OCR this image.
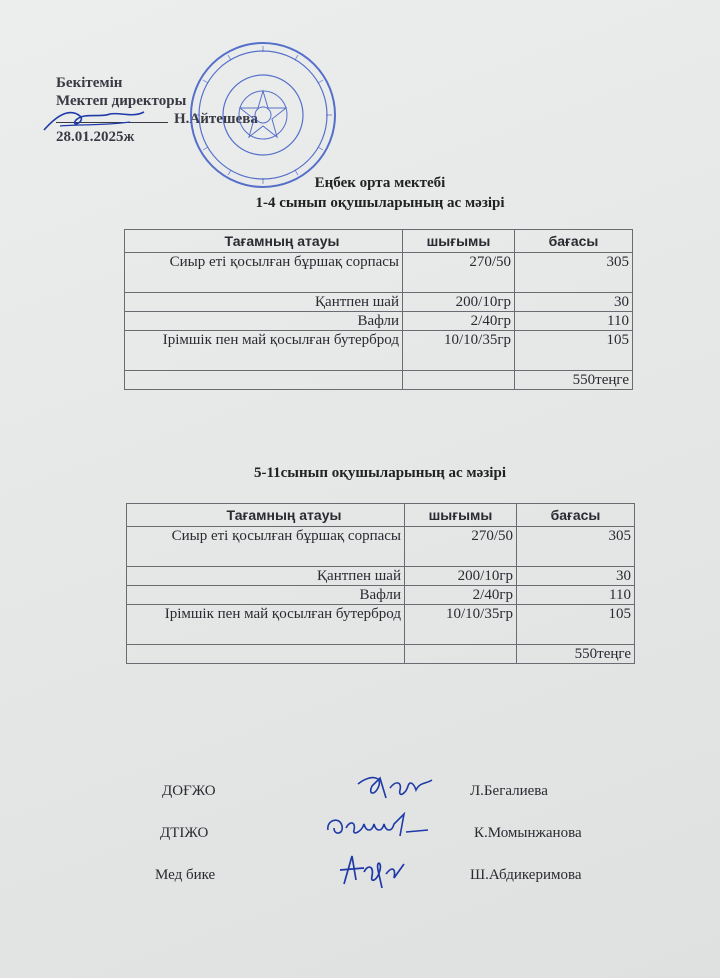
Бекітемін
Мектеп директоры
Н.Айтешева
28.01.2025ж
Еңбек орта мектебі
1-4 сынып оқушыларының ас мәзірі
Тағамның атауы	шығымы	бағасы
Сиыр еті қосылған бұршақ сорпасы	270/50	305
Қантпен шай	200/10гр	30
Вафли	2/40гр	110
Ірімшік пен май қосылған бутерброд	10/10/35гр	105
		550теңге
5-11сынып оқушыларының ас мәзірі
Тағамның атауы	шығымы	бағасы
Сиыр еті қосылған бұршақ сорпасы	270/50	305
Қантпен шай	200/10гр	30
Вафли	2/40гр	110
Ірімшік пен май қосылған бутерброд	10/10/35гр	105
		550теңге
ДОҒЖО	Л.Бегалиева
ДТІЖО	К.Момынжанова
Мед бике	Ш.Абдикеримова
